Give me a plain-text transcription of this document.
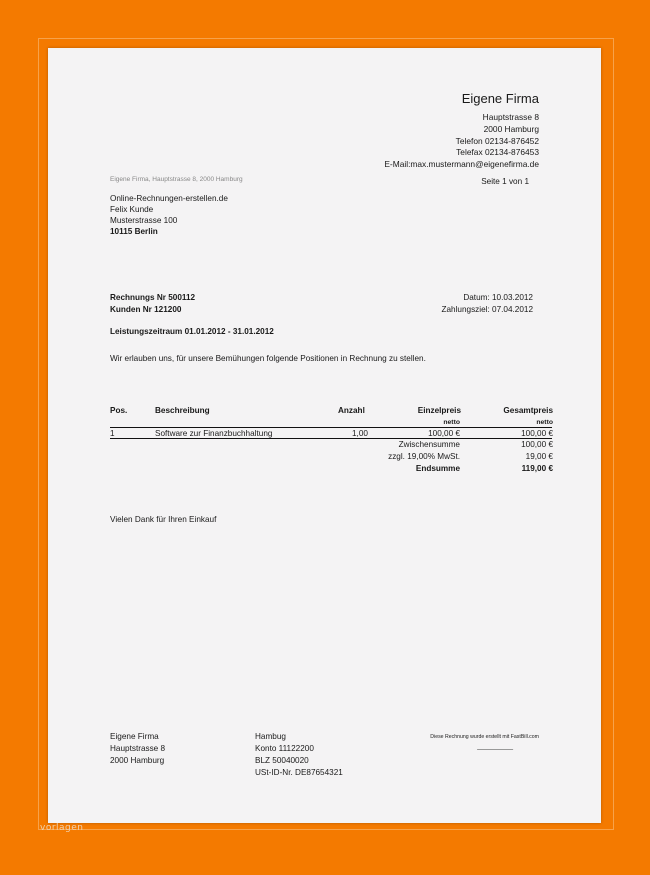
Eigene Firma
Hauptstrasse 8
2000 Hamburg
Telefon 02134-876452
Telefax 02134-876453
E-Mail:max.mustermann@eigenefirma.de
Eigene Firma, Hauptstrasse 8, 2000 Hamburg	Seite 1 von 1
Online-Rechnungen-erstellen.de
Felix Kunde
Musterstrasse 100
10115 Berlin
Rechnungs Nr 500112
Kunden Nr 121200
Datum: 10.03.2012
Zahlungsziel: 07.04.2012
Leistungszeitraum 01.01.2012 - 31.01.2012
Wir erlauben uns, für unsere Bemühungen folgende Positionen in Rechnung zu stellen.
Pos.	Beschreibung	Anzahl	Einzelpreis	Gesamtpreis
netto	netto
1	Software zur Finanzbuchhaltung	1,00	100,00 €	100,00 €
Zwischensumme	100,00 €
zzgl. 19,00% MwSt.	19,00 €
Endsumme	119,00 €
Vielen Dank für Ihren Einkauf
Eigene Firma
Hauptstrasse 8
2000 Hamburg
Hambug
Konto 11122200
BLZ 50040020
USt-ID-Nr. DE87654321
Diese Rechnung wurde erstellt mit FastBill.com
vorlagen
